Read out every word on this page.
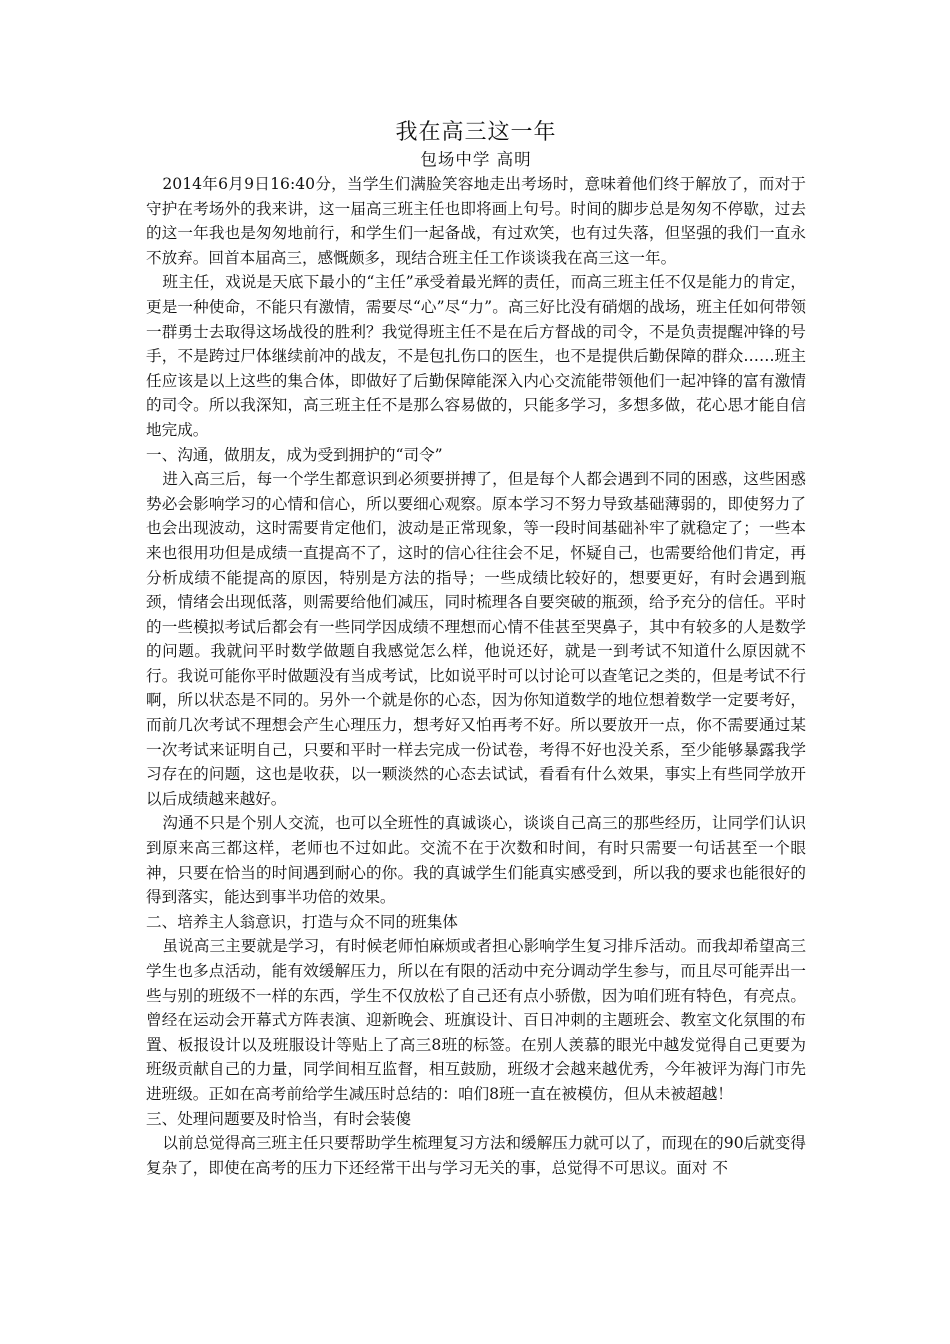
我在高三这一年
包场中学 高明

2014年6月9日16:40分，当学生们满脸笑容地走出考场时，意味着他们终于解放了，而对于守护在考场外的我来讲，这一届高三班主任也即将画上句号。时间的脚步总是匆匆不停歇，过去的这一年我也是匆匆地前行，和学生们一起备战，有过欢笑，也有过失落，但坚强的我们一直永不放弃。回首本届高三，感慨颇多，现结合班主任工作谈谈我在高三这一年。

班主任，戏说是天底下最小的“主任”承受着最光辉的责任，而高三班主任不仅是能力的肯定，更是一种使命，不能只有激情，需要尽“心”尽“力”。高三好比没有硝烟的战场，班主任如何带领一群勇士去取得这场战役的胜利？我觉得班主任不是在后方督战的司令，不是负责提醒冲锋的号手，不是跨过尸体继续前冲的战友，不是包扎伤口的医生，也不是提供后勤保障的群众……班主任应该是以上这些的集合体，即做好了后勤保障能深入内心交流能带领他们一起冲锋的富有激情的司令。所以我深知，高三班主任不是那么容易做的，只能多学习，多想多做，花心思才能自信地完成。

一、沟通，做朋友，成为受到拥护的“司令”

进入高三后，每一个学生都意识到必须要拼搏了，但是每个人都会遇到不同的困惑，这些困惑势必会影响学习的心情和信心，所以要细心观察。原本学习不努力导致基础薄弱的，即使努力了也会出现波动，这时需要肯定他们，波动是正常现象，等一段时间基础补牢了就稳定了；一些本来也很用功但是成绩一直提高不了，这时的信心往往会不足，怀疑自己，也需要给他们肯定，再分析成绩不能提高的原因，特别是方法的指导；一些成绩比较好的，想要更好，有时会遇到瓶颈，情绪会出现低落，则需要给他们减压，同时梳理各自要突破的瓶颈，给予充分的信任。平时的一些模拟考试后都会有一些同学因成绩不理想而心情不佳甚至哭鼻子，其中有较多的人是数学的问题。我就问平时数学做题自我感觉怎么样，他说还好，就是一到考试不知道什么原因就不行。我说可能你平时做题没有当成考试，比如说平时可以讨论可以查笔记之类的，但是考试不行啊，所以状态是不同的。另外一个就是你的心态，因为你知道数学的地位想着数学一定要考好，而前几次考试不理想会产生心理压力，想考好又怕再考不好。所以要放开一点，你不需要通过某一次考试来证明自己，只要和平时一样去完成一份试卷，考得不好也没关系，至少能够暴露我学习存在的问题，这也是收获，以一颗淡然的心态去试试，看看有什么效果，事实上有些同学放开以后成绩越来越好。

沟通不只是个别人交流，也可以全班性的真诚谈心，谈谈自己高三的那些经历，让同学们认识到原来高三都这样，老师也不过如此。交流不在于次数和时间，有时只需要一句话甚至一个眼神，只要在恰当的时间遇到耐心的你。我的真诚学生们能真实感受到，所以我的要求也能很好的得到落实，能达到事半功倍的效果。

二、培养主人翁意识，打造与众不同的班集体

虽说高三主要就是学习，有时候老师怕麻烦或者担心影响学生复习排斥活动。而我却希望高三学生也多点活动，能有效缓解压力，所以在有限的活动中充分调动学生参与，而且尽可能弄出一些与别的班级不一样的东西，学生不仅放松了自己还有点小骄傲，因为咱们班有特色，有亮点。曾经在运动会开幕式方阵表演、迎新晚会、班旗设计、百日冲刺的主题班会、教室文化氛围的布置、板报设计以及班服设计等贴上了高三8班的标签。在别人羡慕的眼光中越发觉得自己更要为班级贡献自己的力量，同学间相互监督，相互鼓励，班级才会越来越优秀，今年被评为海门市先进班级。正如在高考前给学生减压时总结的：咱们8班一直在被模仿，但从未被超越！

三、处理问题要及时恰当，有时会装傻

以前总觉得高三班主任只要帮助学生梳理复习方法和缓解压力就可以了，而现在的90后就变得复杂了，即使在高考的压力下还经常干出与学习无关的事，总觉得不可思议。面对 不
